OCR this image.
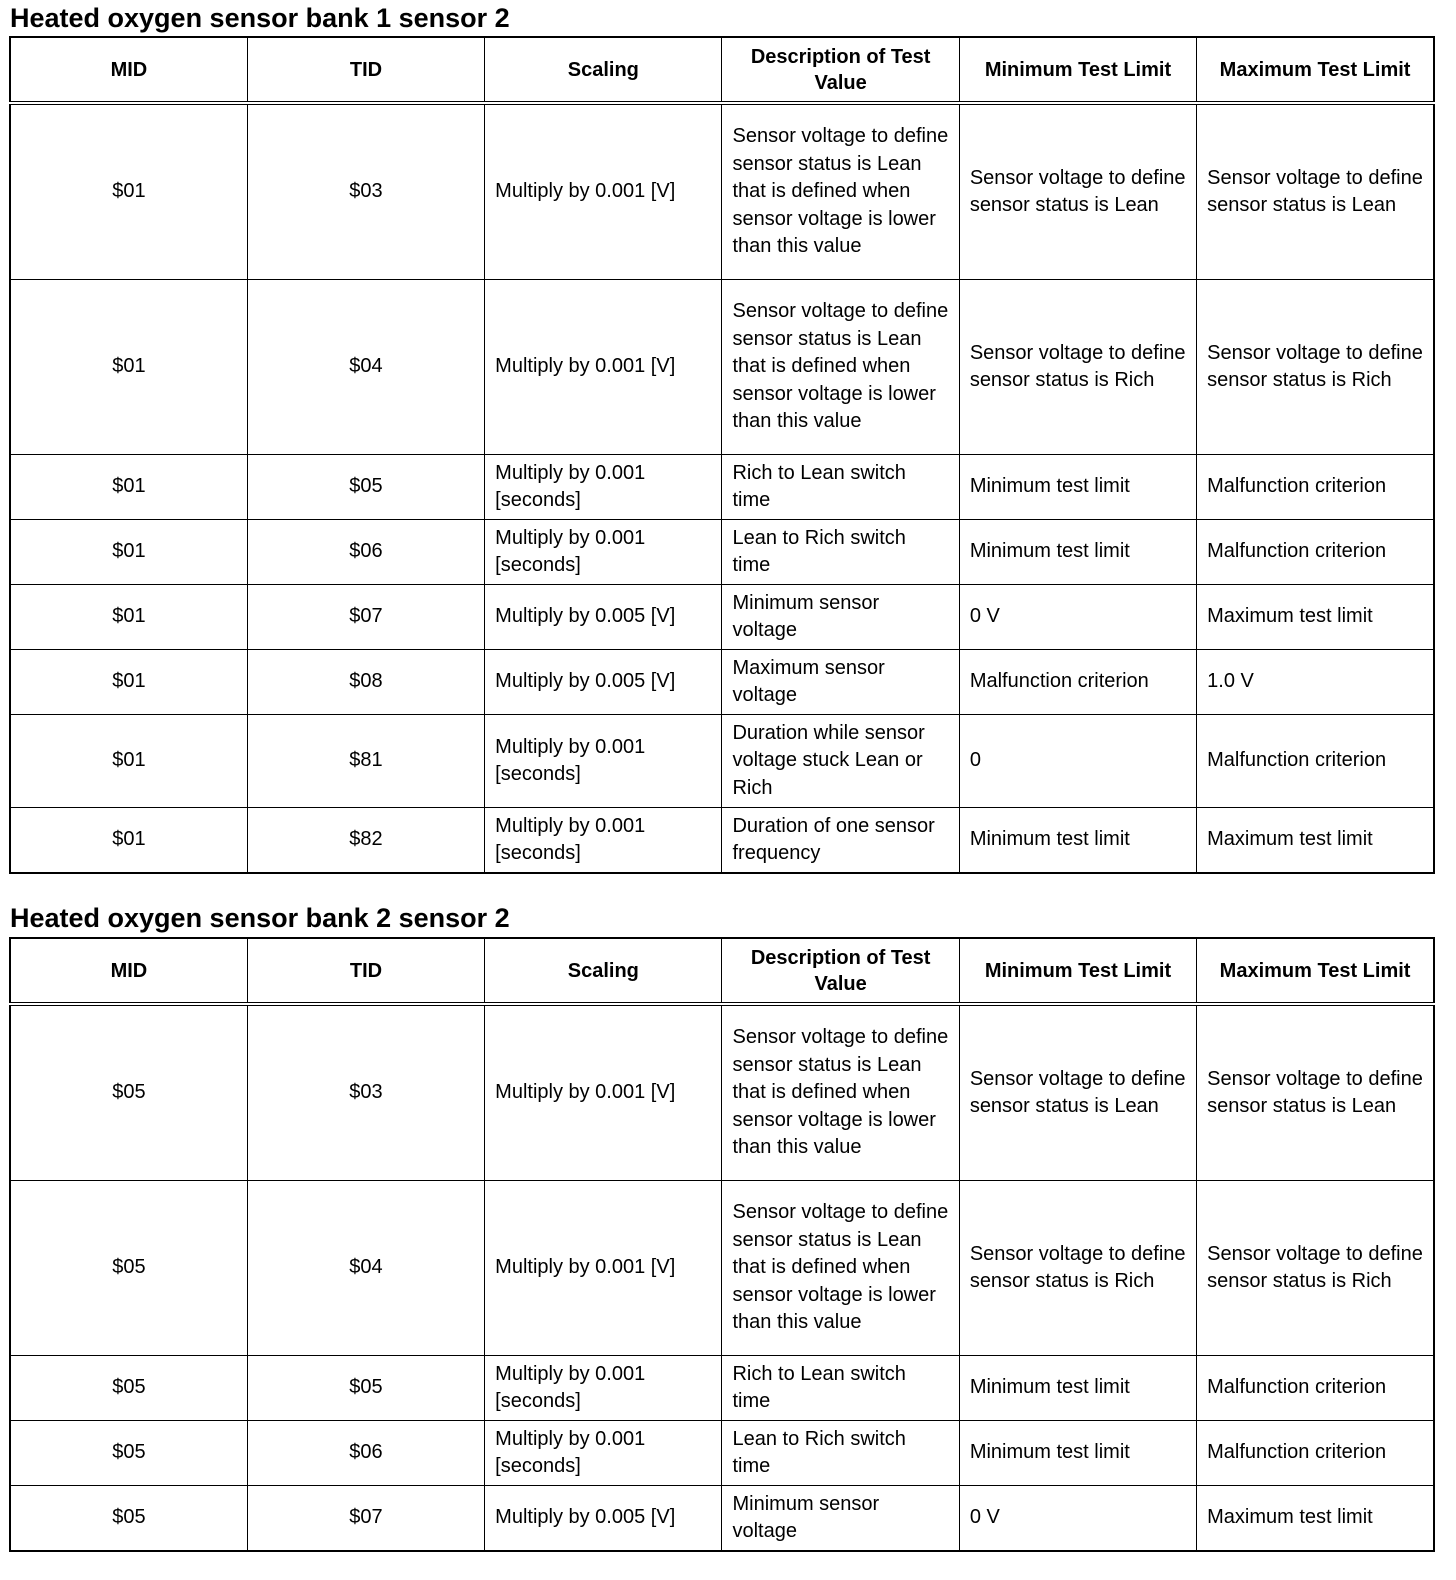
Heated oxygen sensor bank 1 sensor 2
MID	TID	Scaling	Description of Test Value	Minimum Test Limit	Maximum Test Limit
$01	$03	Multiply by 0.001 [V]	Sensor voltage to define sensor status is Lean that is defined when sensor voltage is lower than this value	Sensor voltage to define sensor status is Lean	Sensor voltage to define sensor status is Lean
$01	$04	Multiply by 0.001 [V]	Sensor voltage to define sensor status is Lean that is defined when sensor voltage is lower than this value	Sensor voltage to define sensor status is Rich	Sensor voltage to define sensor status is Rich
$01	$05	Multiply by 0.001 [seconds]	Rich to Lean switch time	Minimum test limit	Malfunction criterion
$01	$06	Multiply by 0.001 [seconds]	Lean to Rich switch time	Minimum test limit	Malfunction criterion
$01	$07	Multiply by 0.005 [V]	Minimum sensor voltage	0 V	Maximum test limit
$01	$08	Multiply by 0.005 [V]	Maximum sensor voltage	Malfunction criterion	1.0 V
$01	$81	Multiply by 0.001 [seconds]	Duration while sensor voltage stuck Lean or Rich	0	Malfunction criterion
$01	$82	Multiply by 0.001 [seconds]	Duration of one sensor frequency	Minimum test limit	Maximum test limit
Heated oxygen sensor bank 2 sensor 2
MID	TID	Scaling	Description of Test Value	Minimum Test Limit	Maximum Test Limit
$05	$03	Multiply by 0.001 [V]	Sensor voltage to define sensor status is Lean that is defined when sensor voltage is lower than this value	Sensor voltage to define sensor status is Lean	Sensor voltage to define sensor status is Lean
$05	$04	Multiply by 0.001 [V]	Sensor voltage to define sensor status is Lean that is defined when sensor voltage is lower than this value	Sensor voltage to define sensor status is Rich	Sensor voltage to define sensor status is Rich
$05	$05	Multiply by 0.001 [seconds]	Rich to Lean switch time	Minimum test limit	Malfunction criterion
$05	$06	Multiply by 0.001 [seconds]	Lean to Rich switch time	Minimum test limit	Malfunction criterion
$05	$07	Multiply by 0.005 [V]	Minimum sensor voltage	0 V	Maximum test limit
